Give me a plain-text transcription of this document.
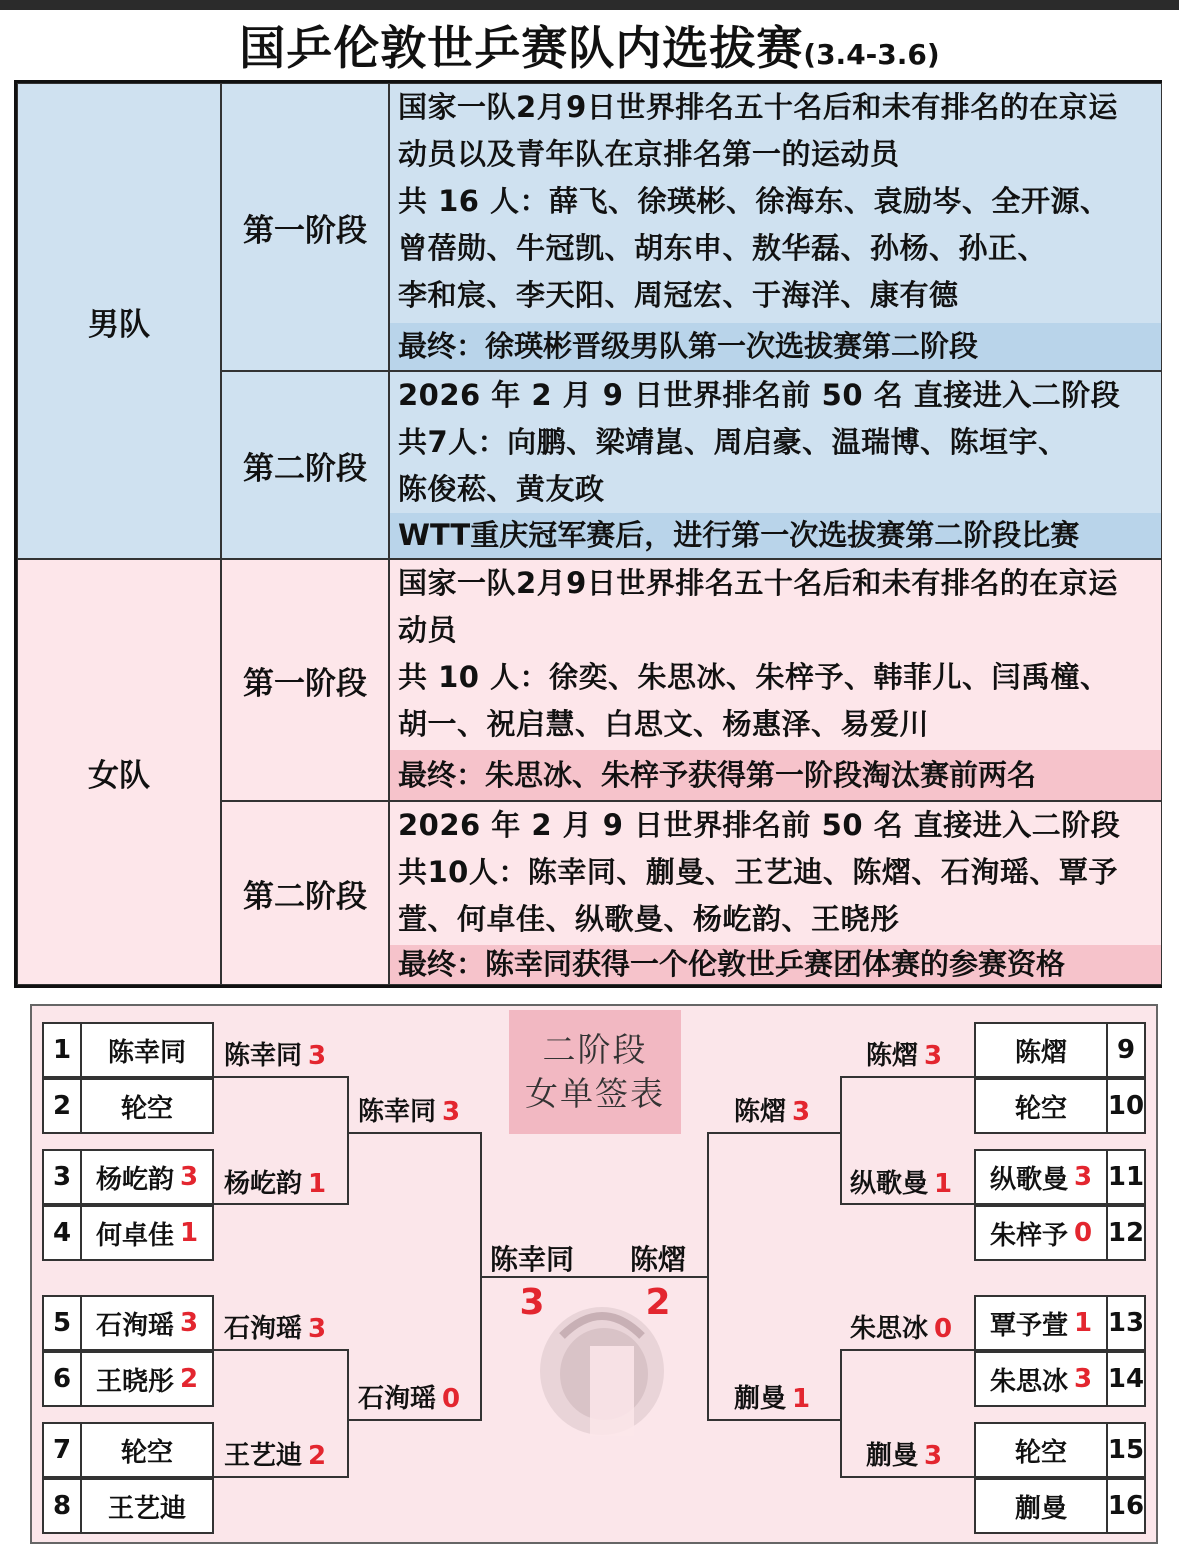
国乒伦敦世乒赛队内选拔赛(3.4-3.6)
男队
第一阶段
国家一队2月9日世界排名五十名后和未有排名的在京运
动员以及青年队在京排名第一的运动员
共 16 人：薛飞、徐瑛彬、徐海东、袁励岑、全开源、
曾蓓勋、牛冠凯、胡东申、敖华磊、孙杨、孙正、
李和宸、李天阳、周冠宏、于海洋、康有德
最终：徐瑛彬晋级男队第一次选拔赛第二阶段
第二阶段
2026 年 2 月 9 日世界排名前 50 名 直接进入二阶段
共7人：向鹏、梁靖崑、周启豪、温瑞博、陈垣宇、
陈俊菘、黄友政
WTT重庆冠军赛后，进行第一次选拔赛第二阶段比赛
女队
第一阶段
国家一队2月9日世界排名五十名后和未有排名的在京运
动员
共 10 人：徐奕、朱思冰、朱梓予、韩菲儿、闫禹橦、
胡一、祝启慧、白思文、杨惠泽、易爱川
最终：朱思冰、朱梓予获得第一阶段淘汰赛前两名
第二阶段
2026 年 2 月 9 日世界排名前 50 名 直接进入二阶段
共10人：陈幸同、蒯曼、王艺迪、陈熠、石洵瑶、覃予
萱、何卓佳、纵歌曼、杨屹韵、王晓彤
最终：陈幸同获得一个伦敦世乒赛团体赛的参赛资格
二阶段
女单签表
1
2
3
4
5
6
7
8
陈幸同
轮空
杨屹韵 3
何卓佳 1
石洵瑶 3
王晓彤 2
轮空
王艺迪
陈幸同 3
杨屹韵 1
石洵瑶 3
王艺迪 2
陈幸同 3
石洵瑶 0
9
10
11
12
13
14
15
16
陈熠
轮空
纵歌曼 3
朱梓予 0
覃予萱 1
朱思冰 3
轮空
蒯曼
陈熠 3
纵歌曼 1
朱思冰 0
蒯曼 3
陈熠 3
蒯曼 1
陈幸同	陈熠
3	2
